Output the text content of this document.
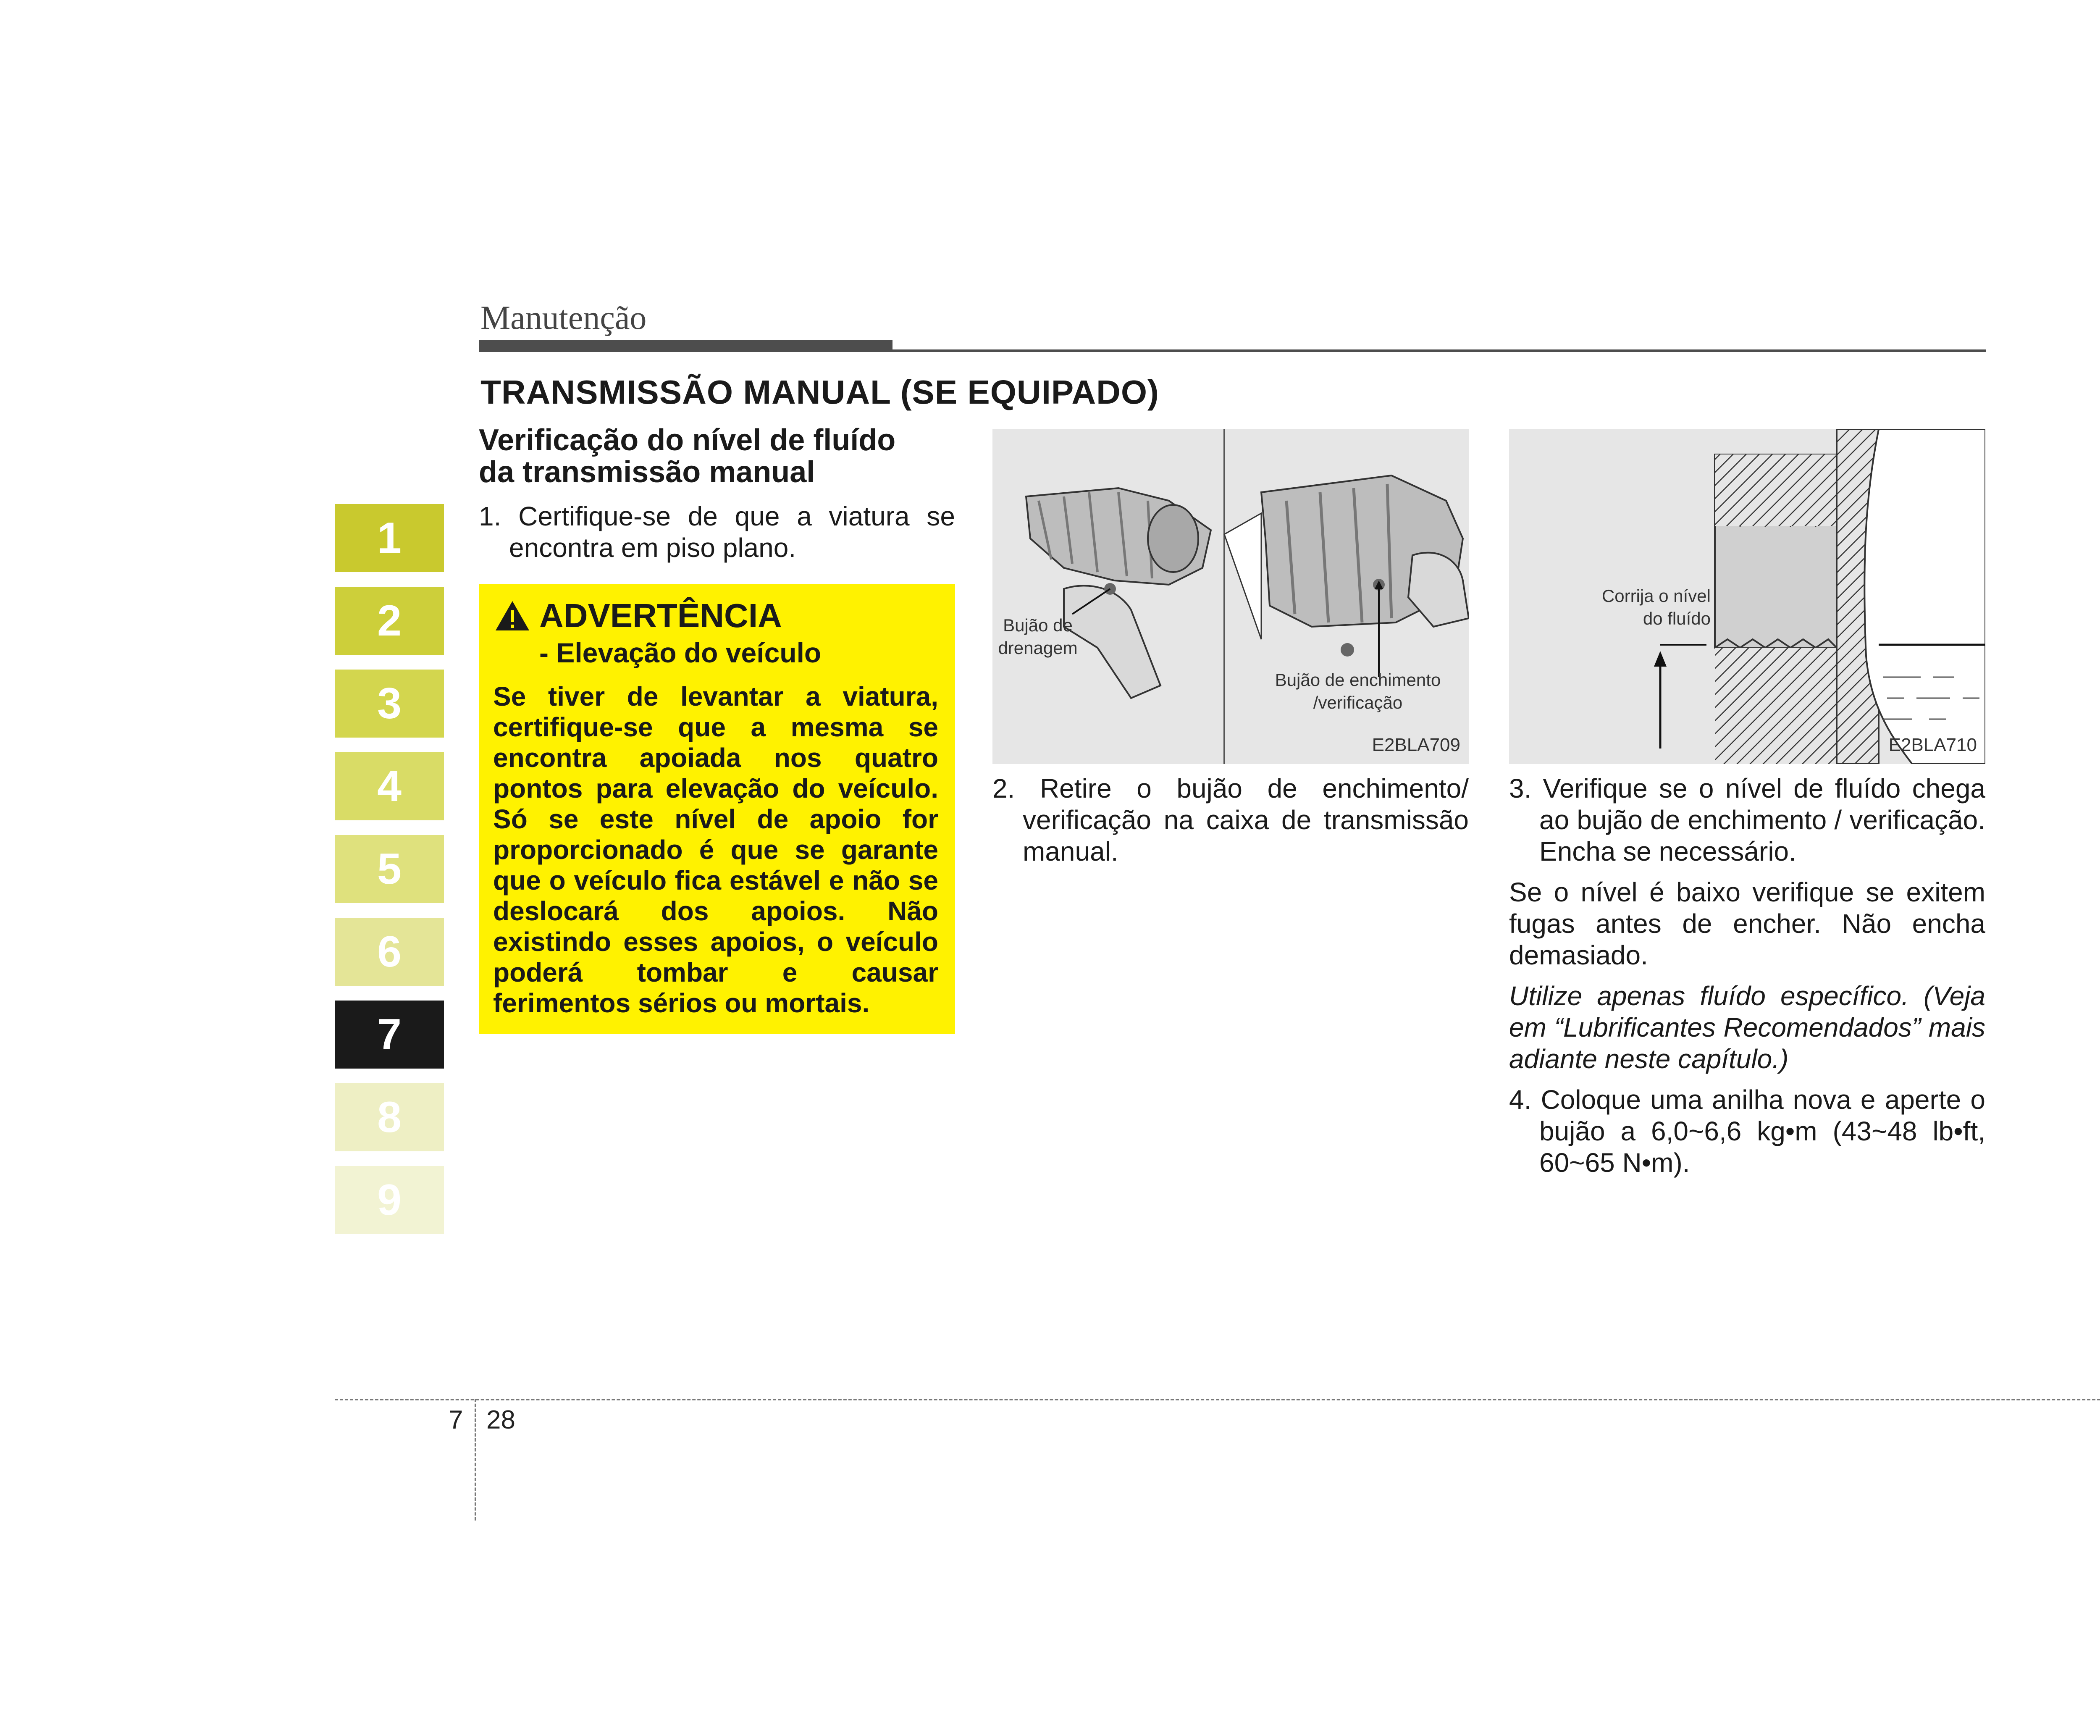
Manutenção
TRANSMISSÃO MANUAL (SE EQUIPADO)
1
2
3
4
5
6
7
8
9

Verificação do nível de fluído

da transmissão manual

1. Certifique-se de que a viatura se encontra em piso plano.

ADVERTÊNCIA
- Elevação do veículo

Se tiver de levantar a viatura, certifique-se que a mesma se encontra apoiada nos quatro pontos para elevação do veículo. Só se este nível de apoio for proporcionado é que se garante que o veículo fica estável e não se deslocará dos apoios. Não existindo esses apoios, o veículo poderá tombar e causar ferimentos sérios ou mortais.

Bujão de
drenagem
Bujão de enchimento
/verificação
E2BLA709
Corrija o nível
do fluído
E2BLA710

2. Retire o bujão de enchimento/ verificação na caixa de transmissão manual.

3. Verifique se o nível de fluído chega ao bujão de enchimento / verificação. Encha se necessário.

Se o nível é baixo verifique se exitem fugas antes de encher. Não encha demasiado.

Utilize apenas fluído específico. (Veja em “Lubrificantes Recomendados” mais adiante neste capítulo.)

4. Coloque uma anilha nova e aperte o bujão a 6,0~6,6 kg•m (43~48 lb•ft, 60~65 N•m).

7 28
